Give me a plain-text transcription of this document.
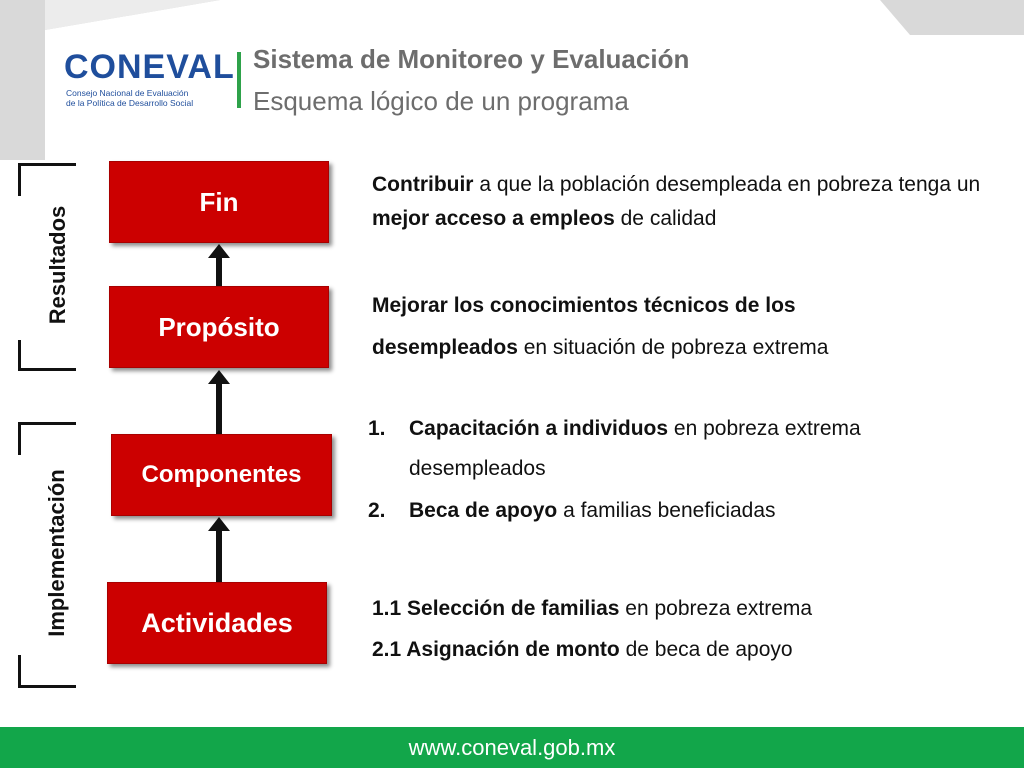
CONEVAL
Consejo Nacional de Evaluación
de la Política de Desarrollo Social
Sistema de Monitoreo y Evaluación
Esquema lógico de un programa
Resultados
Implementación
Fin
Propósito
Componentes
Actividades
Contribuir a que la población desempleada en pobreza tenga un mejor acceso a empleos de calidad
Mejorar los conocimientos técnicos de los desempleados en situación de pobreza extrema
1. Capacitación a individuos en pobreza extrema desempleados
2. Beca de apoyo a familias beneficiadas
1.1 Selección de familias en pobreza extrema
2.1 Asignación de monto de beca de apoyo
www.coneval.gob.mx
